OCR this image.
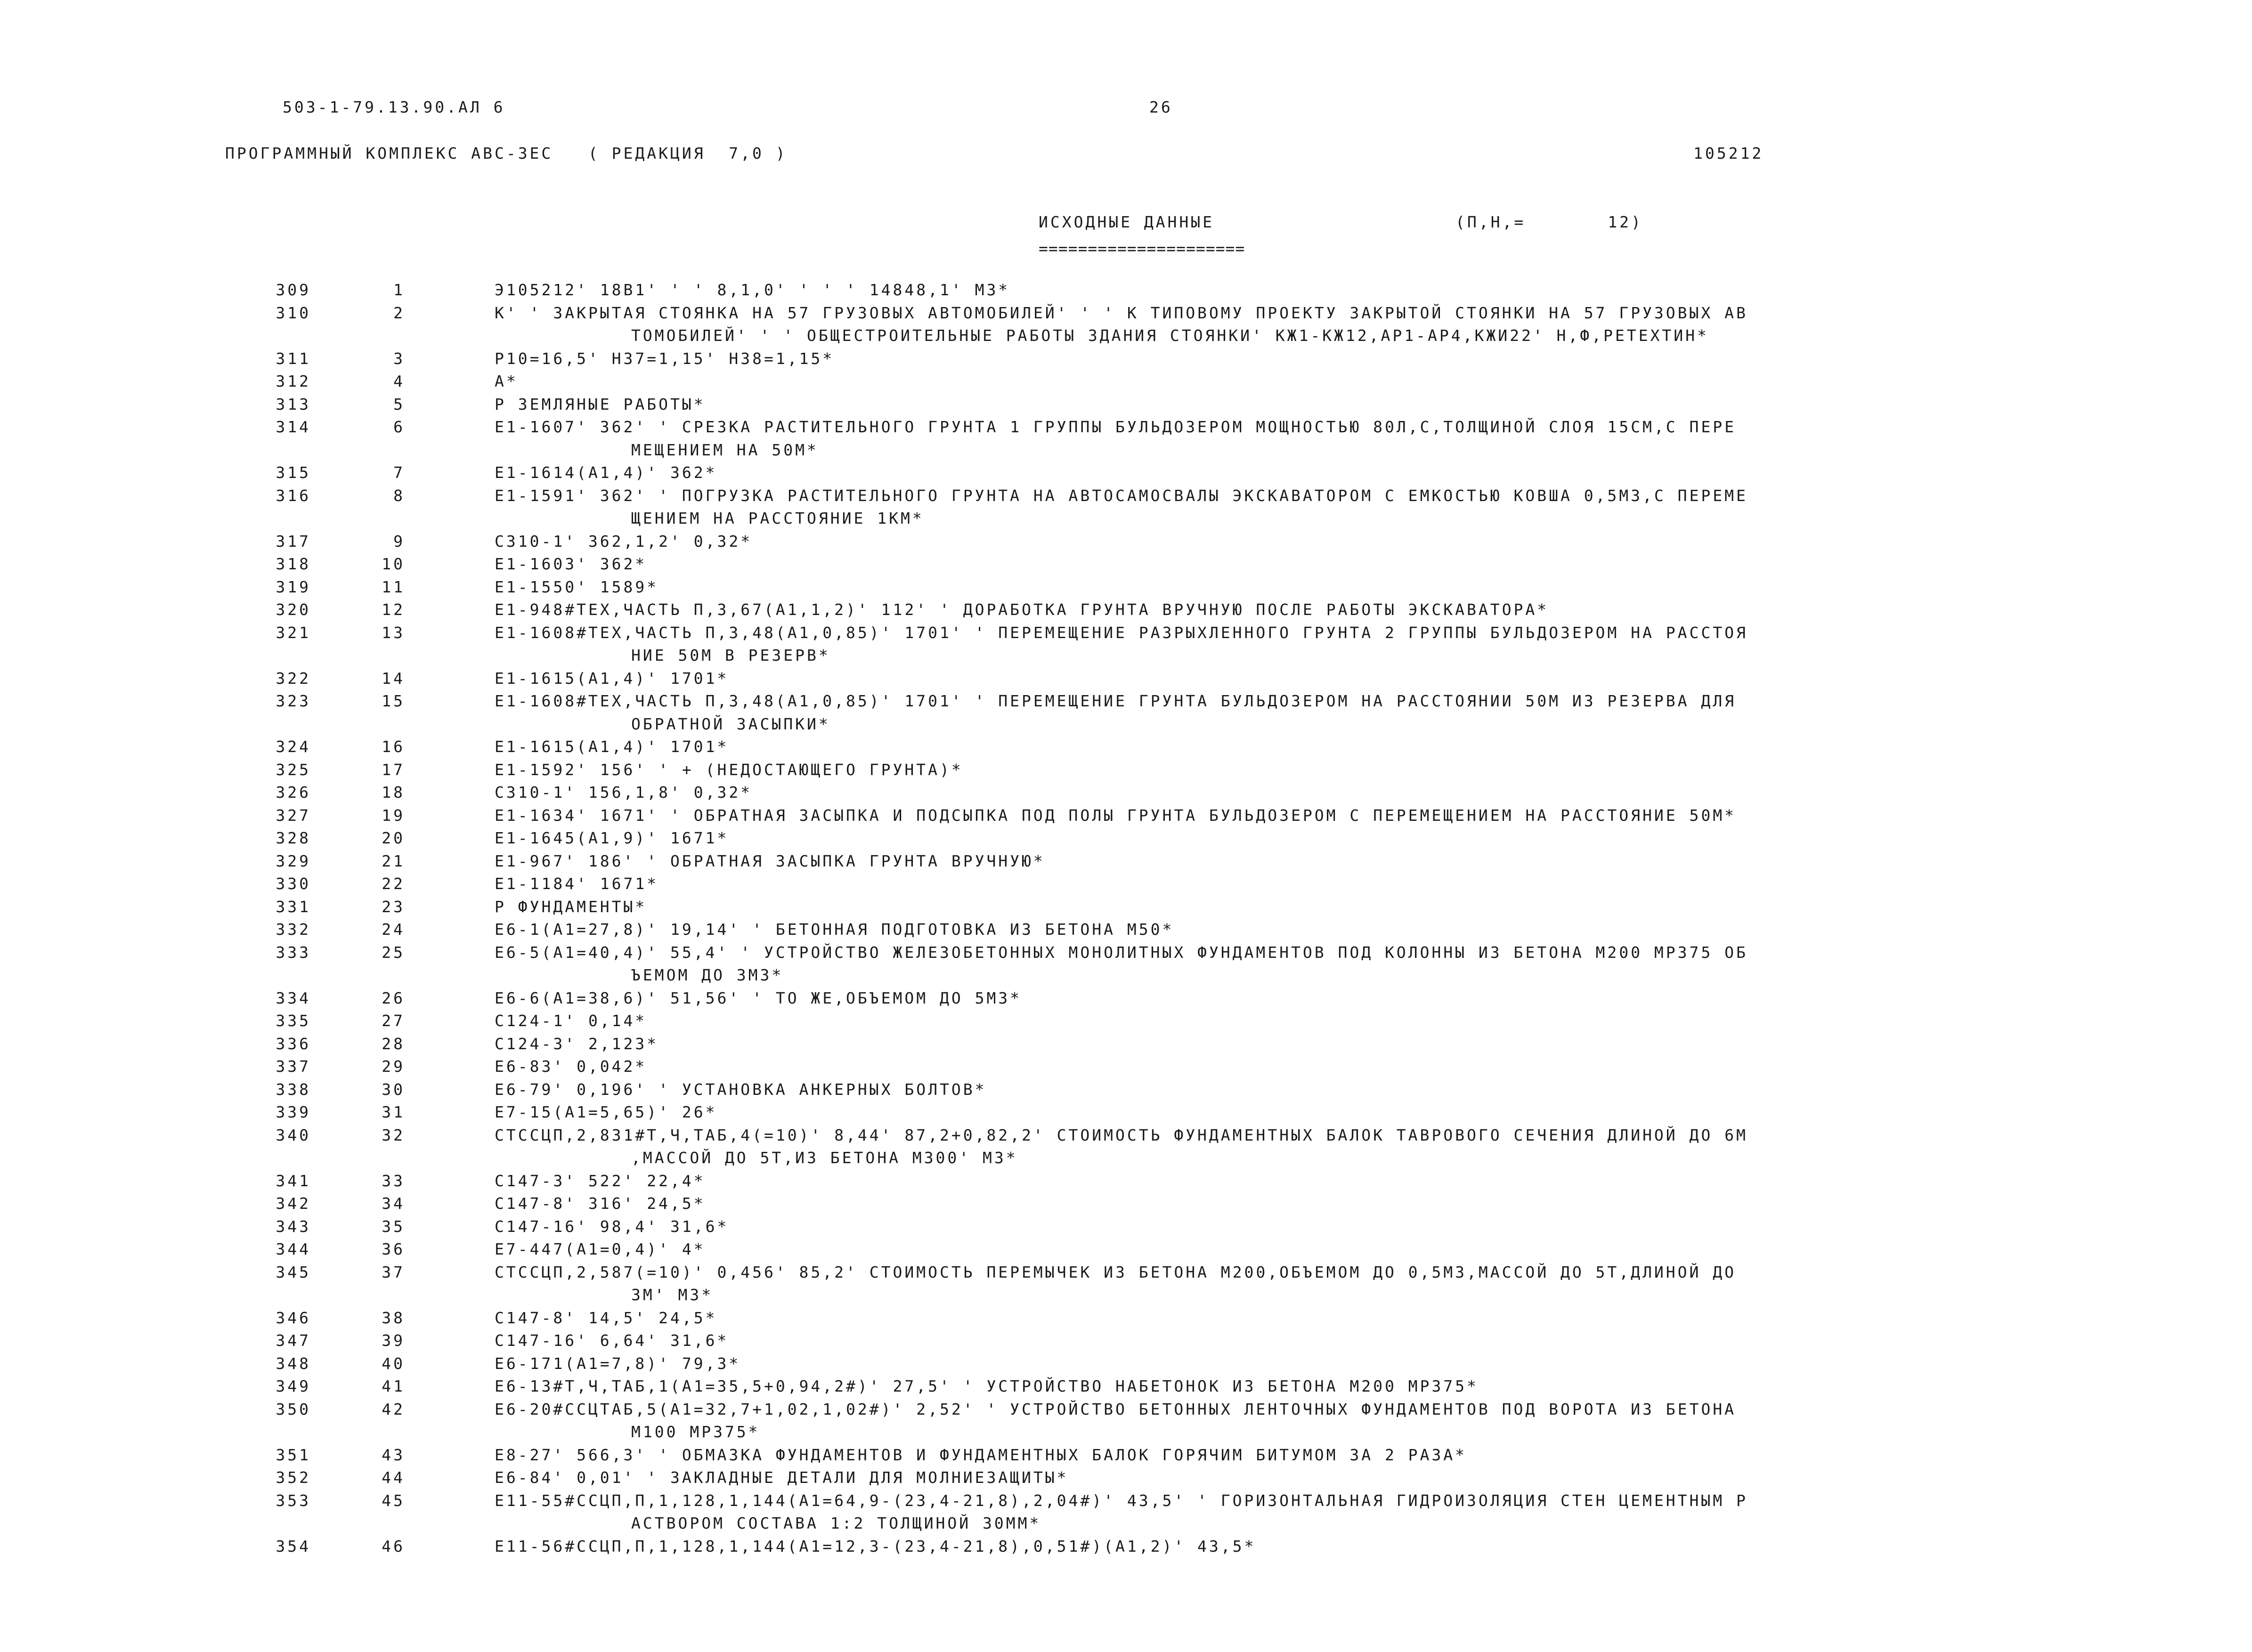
503-1-79.13.90.АЛ 6	26
ПРОГРАММНЫЙ КОМПЛЕКС АВС-3ЕС   ( РЕДАКЦИЯ  7,0 )	105212
ИСХОДНЫЕ ДАННЫЕ	(П,Н,=       12)
=====================
309	1	Э105212' 18В1' ' ' 8,1,0' ' ' ' 14848,1' М3*
310	2	К' ' ЗАКРЫТАЯ СТОЯНКА НА 57 ГРУЗОВЫХ АВТОМОБИЛЕЙ' ' ' К ТИПОВОМУ ПРОЕКТУ ЗАКРЫТОЙ СТОЯНКИ НА 57 ГРУЗОВЫХ АВ
ТОМОБИЛЕЙ' ' ' ОБЩЕСТРОИТЕЛЬНЫЕ РАБОТЫ ЗДАНИЯ СТОЯНКИ' КЖ1-КЖ12,АР1-АР4,КЖИ22' Н,Ф,РЕТЕХТИН*
311	3	Р10=16,5' Н37=1,15' Н38=1,15*
312	4	А*
313	5	Р ЗЕМЛЯНЫЕ РАБОТЫ*
314	6	Е1-1607' 362' ' СРЕЗКА РАСТИТЕЛЬНОГО ГРУНТА 1 ГРУППЫ БУЛЬДОЗЕРОМ МОЩНОСТЬЮ 80Л,С,ТОЛЩИНОЙ СЛОЯ 15СМ,С ПЕРЕ
МЕЩЕНИЕМ НА 50М*
315	7	Е1-1614(А1,4)' 362*
316	8	Е1-1591' 362' ' ПОГРУЗКА РАСТИТЕЛЬНОГО ГРУНТА НА АВТОСАМОСВАЛЫ ЭКСКАВАТОРОМ С ЕМКОСТЬЮ КОВША 0,5М3,С ПЕРЕМЕ
ЩЕНИЕМ НА РАССТОЯНИЕ 1КМ*
317	9	С310-1' 362,1,2' 0,32*
318	10	Е1-1603' 362*
319	11	Е1-1550' 1589*
320	12	Е1-948#ТЕХ,ЧАСТЬ П,3,67(А1,1,2)' 112' ' ДОРАБОТКА ГРУНТА ВРУЧНУЮ ПОСЛЕ РАБОТЫ ЭКСКАВАТОРА*
321	13	Е1-1608#ТЕХ,ЧАСТЬ П,3,48(А1,0,85)' 1701' ' ПЕРЕМЕЩЕНИЕ РАЗРЫХЛЕННОГО ГРУНТА 2 ГРУППЫ БУЛЬДОЗЕРОМ НА РАССТОЯ
НИЕ 50М В РЕЗЕРВ*
322	14	Е1-1615(А1,4)' 1701*
323	15	Е1-1608#ТЕХ,ЧАСТЬ П,3,48(А1,0,85)' 1701' ' ПЕРЕМЕЩЕНИЕ ГРУНТА БУЛЬДОЗЕРОМ НА РАССТОЯНИИ 50М ИЗ РЕЗЕРВА ДЛЯ
ОБРАТНОЙ ЗАСЫПКИ*
324	16	Е1-1615(А1,4)' 1701*
325	17	Е1-1592' 156' ' + (НЕДОСТАЮЩЕГО ГРУНТА)*
326	18	С310-1' 156,1,8' 0,32*
327	19	Е1-1634' 1671' ' ОБРАТНАЯ ЗАСЫПКА И ПОДСЫПКА ПОД ПОЛЫ ГРУНТА БУЛЬДОЗЕРОМ С ПЕРЕМЕЩЕНИЕМ НА РАССТОЯНИЕ 50М*
328	20	Е1-1645(А1,9)' 1671*
329	21	Е1-967' 186' ' ОБРАТНАЯ ЗАСЫПКА ГРУНТА ВРУЧНУЮ*
330	22	Е1-1184' 1671*
331	23	Р ФУНДАМЕНТЫ*
332	24	Е6-1(А1=27,8)' 19,14' ' БЕТОННАЯ ПОДГОТОВКА ИЗ БЕТОНА М50*
333	25	Е6-5(А1=40,4)' 55,4' ' УСТРОЙСТВО ЖЕЛЕЗОБЕТОННЫХ МОНОЛИТНЫХ ФУНДАМЕНТОВ ПОД КОЛОННЫ ИЗ БЕТОНА М200 МР375 ОБ
ЪЕМОМ ДО 3М3*
334	26	Е6-6(А1=38,6)' 51,56' ' ТО ЖЕ,ОБЪЕМОМ ДО 5М3*
335	27	С124-1' 0,14*
336	28	С124-3' 2,123*
337	29	Е6-83' 0,042*
338	30	Е6-79' 0,196' ' УСТАНОВКА АНКЕРНЫХ БОЛТОВ*
339	31	Е7-15(А1=5,65)' 26*
340	32	СТССЦП,2,831#Т,Ч,ТАБ,4(=10)' 8,44' 87,2+0,82,2' СТОИМОСТЬ ФУНДАМЕНТНЫХ БАЛОК ТАВРОВОГО СЕЧЕНИЯ ДЛИНОЙ ДО 6М
,МАССОЙ ДО 5Т,ИЗ БЕТОНА М300' М3*
341	33	С147-3' 522' 22,4*
342	34	С147-8' 316' 24,5*
343	35	С147-16' 98,4' 31,6*
344	36	Е7-447(А1=0,4)' 4*
345	37	СТССЦП,2,587(=10)' 0,456' 85,2' СТОИМОСТЬ ПЕРЕМЫЧЕК ИЗ БЕТОНА М200,ОБЪЕМОМ ДО 0,5М3,МАССОЙ ДО 5Т,ДЛИНОЙ ДО
3М' М3*
346	38	С147-8' 14,5' 24,5*
347	39	С147-16' 6,64' 31,6*
348	40	Е6-171(А1=7,8)' 79,3*
349	41	Е6-13#Т,Ч,ТАБ,1(А1=35,5+0,94,2#)' 27,5' ' УСТРОЙСТВО НАБЕТОНОК ИЗ БЕТОНА М200 МР375*
350	42	Е6-20#ССЦТАБ,5(А1=32,7+1,02,1,02#)' 2,52' ' УСТРОЙСТВО БЕТОННЫХ ЛЕНТОЧНЫХ ФУНДАМЕНТОВ ПОД ВОРОТА ИЗ БЕТОНА
М100 МР375*
351	43	Е8-27' 566,3' ' ОБМАЗКА ФУНДАМЕНТОВ И ФУНДАМЕНТНЫХ БАЛОК ГОРЯЧИМ БИТУМОМ ЗА 2 РАЗА*
352	44	Е6-84' 0,01' ' ЗАКЛАДНЫЕ ДЕТАЛИ ДЛЯ МОЛНИЕЗАЩИТЫ*
353	45	Е11-55#ССЦП,П,1,128,1,144(А1=64,9-(23,4-21,8),2,04#)' 43,5' ' ГОРИЗОНТАЛЬНАЯ ГИДРОИЗОЛЯЦИЯ СТЕН ЦЕМЕНТНЫМ Р
АСТВОРОМ СОСТАВА 1:2 ТОЛЩИНОЙ 30ММ*
354	46	Е11-56#ССЦП,П,1,128,1,144(А1=12,3-(23,4-21,8),0,51#)(А1,2)' 43,5*
